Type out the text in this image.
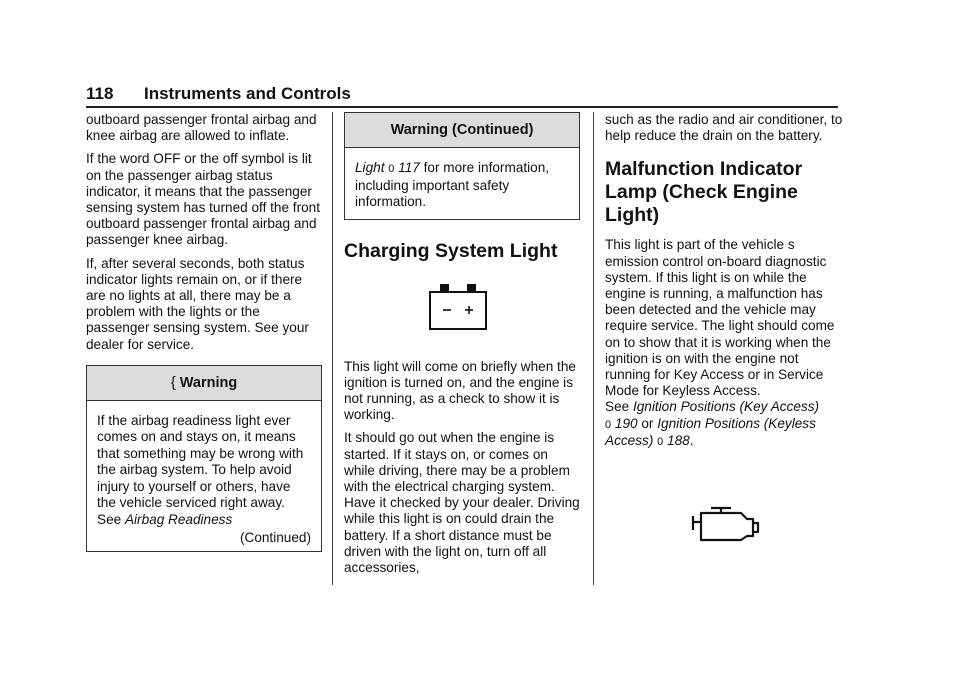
118 Instruments and Controls

outboard passenger frontal airbag and knee airbag are allowed to inflate.

If the word OFF or the off symbol is lit on the passenger airbag status indicator, it means that the passenger sensing system has turned off the front outboard passenger frontal airbag and passenger knee airbag.

If, after several seconds, both status indicator lights remain on, or if there are no lights at all, there may be a problem with the lights or the passenger sensing system. See your dealer for service.

{ Warning

If the airbag readiness light ever comes on and stays on, it means that something may be wrong with the airbag system. To help avoid injury to yourself or others, have the vehicle serviced right away. See Airbag Readiness

(Continued)
Warning (Continued)

Light 0 117 for more information, including important safety information.

Charging System Light

This light will come on briefly when the ignition is turned on, and the engine is not running, as a check to show it is working.

It should go out when the engine is started. If it stays on, or comes on while driving, there may be a problem with the electrical charging system. Have it checked by your dealer. Driving while this light is on could drain the battery. If a short distance must be driven with the light on, turn off all accessories,

such as the radio and air conditioner, to help reduce the drain on the battery.

Malfunction Indicator Lamp (Check Engine Light)

This light is part of the vehicle s emission control on-board diagnostic system. If this light is on while the engine is running, a malfunction has been detected and the vehicle may require service. The light should come on to show that it is working when the ignition is on with the engine not running for Key Access or in Service Mode for Keyless Access.
See Ignition Positions (Key Access)
0 190 or Ignition Positions (Keyless Access) 0 188.
